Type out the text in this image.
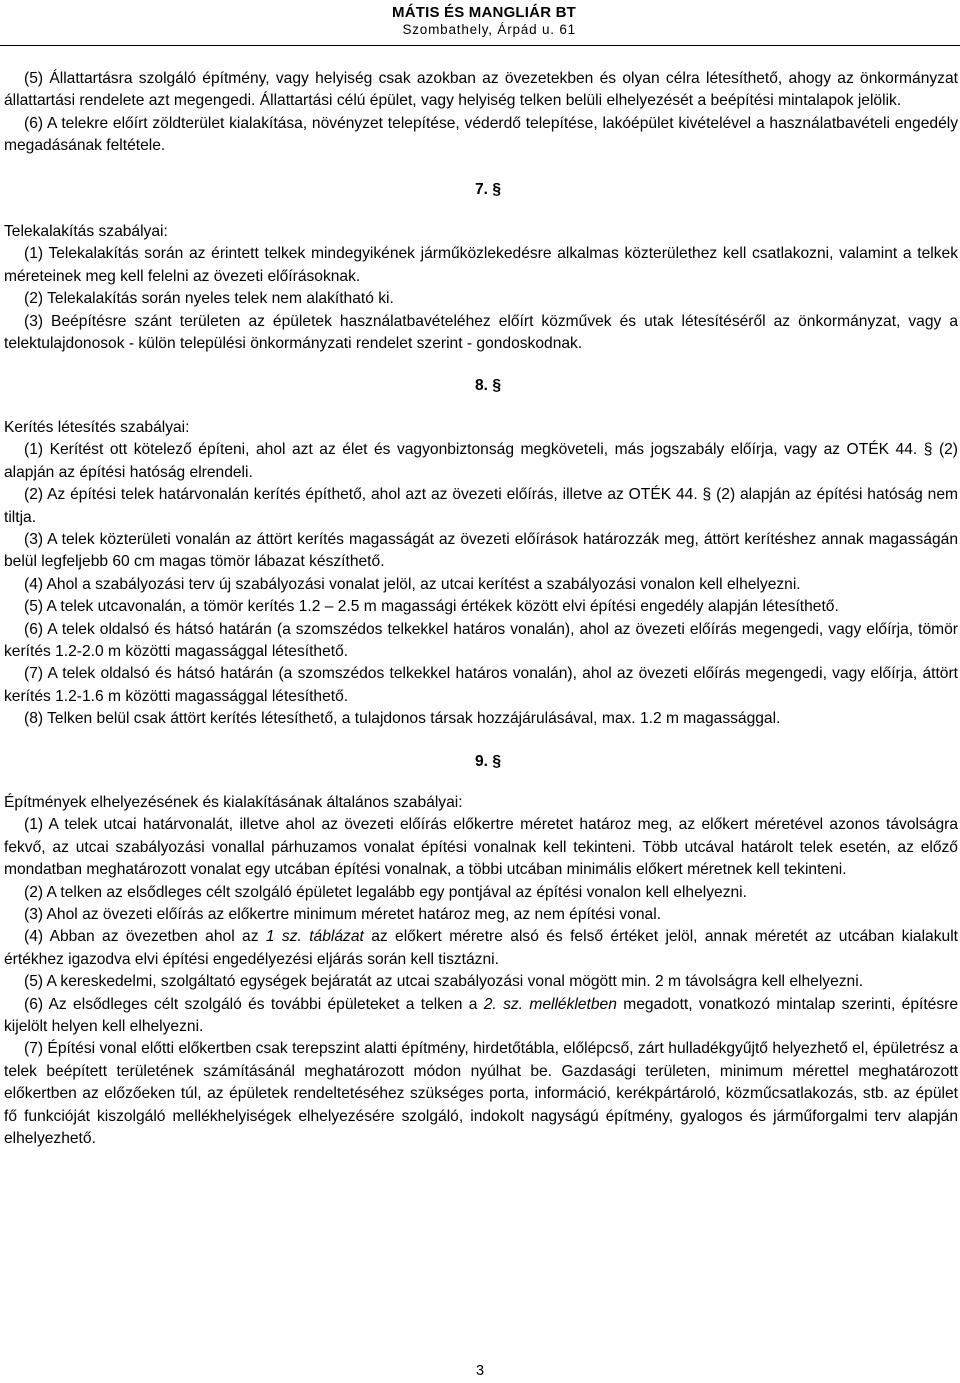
MÁTIS ÉS MANGLIÁR BT
Szombathely, Árpád u. 61

(5) Állattartásra szolgáló építmény, vagy helyiség csak azokban az övezetekben és olyan célra létesíthető, ahogy az önkormányzat állattartási rendelete azt megengedi. Állattartási célú épület, vagy helyiség telken belüli elhelyezését a beépítési mintalapok jelölik.

(6) A telekre előírt zöldterület kialakítása, növényzet telepítése, véderdő telepítése, lakóépület kivételével a használatbavételi engedély megadásának feltétele.

7. §

Telekalakítás szabályai:

(1) Telekalakítás során az érintett telkek mindegyikének járműközlekedésre alkalmas közterülethez kell csatlakozni, valamint a telkek méreteinek meg kell felelni az övezeti előírásoknak.

(2) Telekalakítás során nyeles telek nem alakítható ki.

(3) Beépítésre szánt területen az épületek használatbavételéhez előírt közművek és utak létesítéséről az önkormányzat, vagy a telektulajdonosok - külön települési önkormányzati rendelet szerint - gondoskodnak.

8. §

Kerítés létesítés szabályai:

(1) Kerítést ott kötelező építeni, ahol azt az élet és vagyonbiztonság megköveteli, más jogszabály előírja, vagy az OTÉK 44. § (2) alapján az építési hatóság elrendeli.

(2) Az építési telek határvonalán kerítés építhető, ahol azt az övezeti előírás, illetve az OTÉK 44. § (2) alapján az építési hatóság nem tiltja.

(3) A telek közterületi vonalán az áttört kerítés magasságát az övezeti előírások határozzák meg, áttört kerítéshez annak magasságán belül legfeljebb 60 cm magas tömör lábazat készíthető.

(4) Ahol a szabályozási terv új szabályozási vonalat jelöl, az utcai kerítést a szabályozási vonalon kell elhelyezni.

(5) A telek utcavonalán, a tömör kerítés 1.2 – 2.5 m magassági értékek között elvi építési engedély alapján létesíthető.

(6) A telek oldalsó és hátsó határán (a szomszédos telkekkel határos vonalán), ahol az övezeti előírás megengedi, vagy előírja, tömör kerítés 1.2-2.0 m közötti magassággal létesíthető.

(7) A telek oldalsó és hátsó határán (a szomszédos telkekkel határos vonalán), ahol az övezeti előírás megengedi, vagy előírja, áttört kerítés 1.2-1.6 m közötti magassággal létesíthető.

(8) Telken belül csak áttört kerítés létesíthető, a tulajdonos társak hozzájárulásával, max. 1.2 m magassággal.

9. §

Építmények elhelyezésének és kialakításának általános szabályai:

(1) A telek utcai határvonalát, illetve ahol az övezeti előírás előkertre méretet határoz meg, az előkert méretével azonos távolságra fekvő, az utcai szabályozási vonallal párhuzamos vonalat építési vonalnak kell tekinteni. Több utcával határolt telek esetén, az előző mondatban meghatározott vonalat egy utcában építési vonalnak, a többi utcában minimális előkert méretnek kell tekinteni.

(2) A telken az elsődleges célt szolgáló épületet legalább egy pontjával az építési vonalon kell elhelyezni.

(3) Ahol az övezeti előírás az előkertre minimum méretet határoz meg, az nem építési vonal.

(4) Abban az övezetben ahol az 1 sz. táblázat az előkert méretre alsó és felső értéket jelöl, annak méretét az utcában kialakult értékhez igazodva elvi építési engedélyezési eljárás során kell tisztázni.

(5) A kereskedelmi, szolgáltató egységek bejáratát az utcai szabályozási vonal mögött min. 2 m távolságra kell elhelyezni.

(6) Az elsődleges célt szolgáló és további épületeket a telken a 2. sz. mellékletben megadott, vonatkozó mintalap szerinti, építésre kijelölt helyen kell elhelyezni.

(7) Építési vonal előtti előkertben csak terepszint alatti építmény, hirdetőtábla, előlépcső, zárt hulladékgyűjtő helyezhető el, épületrész a telek beépített területének számításánál meghatározott módon nyúlhat be. Gazdasági területen, minimum mérettel meghatározott előkertben az előzőeken túl, az épületek rendeltetéséhez szükséges porta, információ, kerékpártároló, közműcsatlakozás, stb. az épület fő funkcióját kiszolgáló mellékhelyiségek elhelyezésére szolgáló, indokolt nagyságú építmény, gyalogos és járműforgalmi terv alapján elhelyezhető.

3
